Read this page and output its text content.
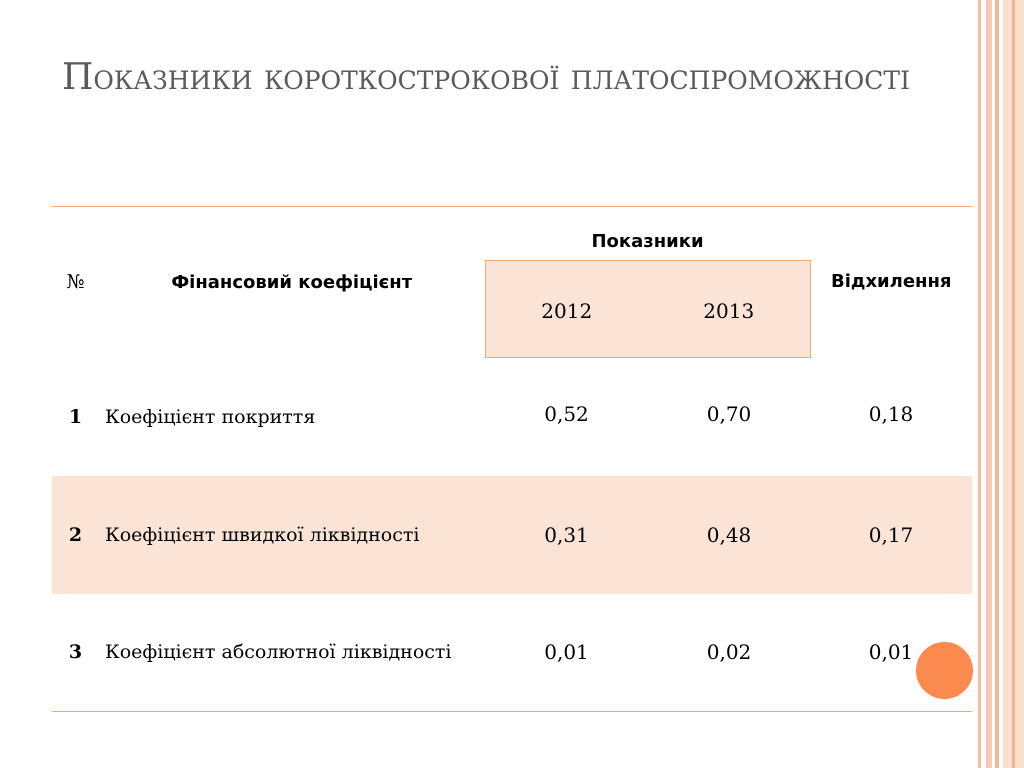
Показники короткострокової платоспроможності
№	Фінансовий коефіцієнт	Показники		Відхилення
		2012	2013	
1	Коефіцієнт покриття	0,52	0,70	0,18
2	Коефіцієнт швидкої ліквідності	0,31	0,48	0,17
3	Коефіцієнт абсолютної ліквідності	0,01	0,02	0,01
